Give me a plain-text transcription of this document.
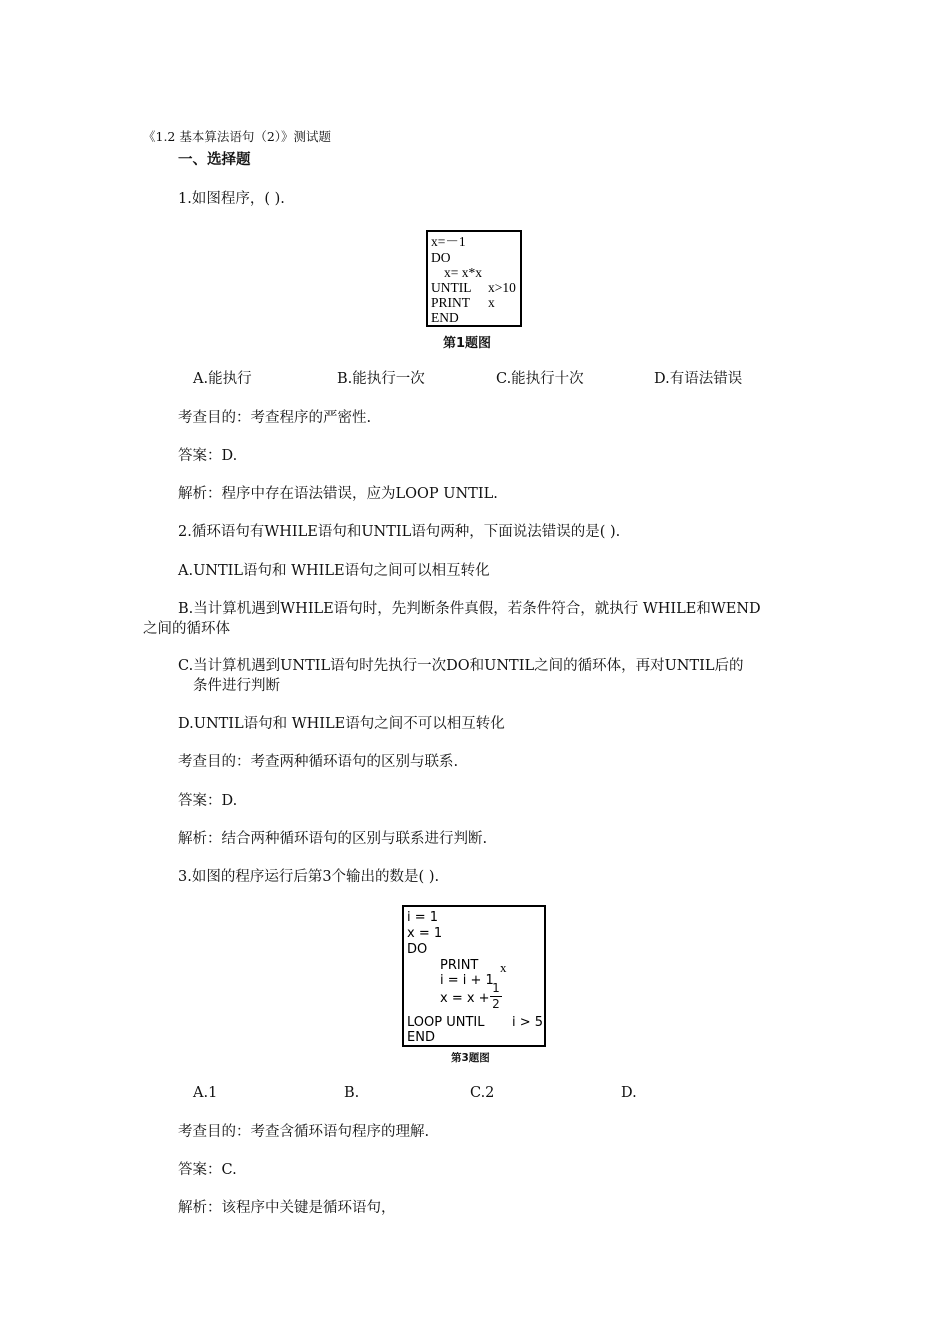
《1.2 基本算法语句（2）》测试题
一、选择题
1.如图程序，( ).
x=－1
DO
x= x*x
UNTIL x>10
PRINT x
END
第1题图
A.能执行	B.能执行一次	C.能执行十次	D.有语法错误
考查目的：考查程序的严密性.
答案：D.
解析：程序中存在语法错误，应为LOOP UNTIL.
2.循环语句有WHILE语句和UNTIL语句两种，下面说法错误的是( ).
A.UNTIL语句和 WHILE语句之间可以相互转化
B.当计算机遇到WHILE语句时，先判断条件真假，若条件符合，就执行 WHILE和WEND
之间的循环体
C.当计算机遇到UNTIL语句时先执行一次DO和UNTIL之间的循环体，再对UNTIL后的
条件进行判断
D.UNTIL语句和 WHILE语句之间不可以相互转化
考查目的：考查两种循环语句的区别与联系.
答案：D.
解析：结合两种循环语句的区别与联系进行判断.
3.如图的程序运行后第3个输出的数是( ).
i = 1
x = 1
DO
PRINT x
i = i + 1
x = x +
1
2
LOOP UNTIL i > 5
END
第3题图
A.1	B.	C.2	D.
考查目的：考查含循环语句程序的理解.
答案：C.
解析：该程序中关键是循环语句，
